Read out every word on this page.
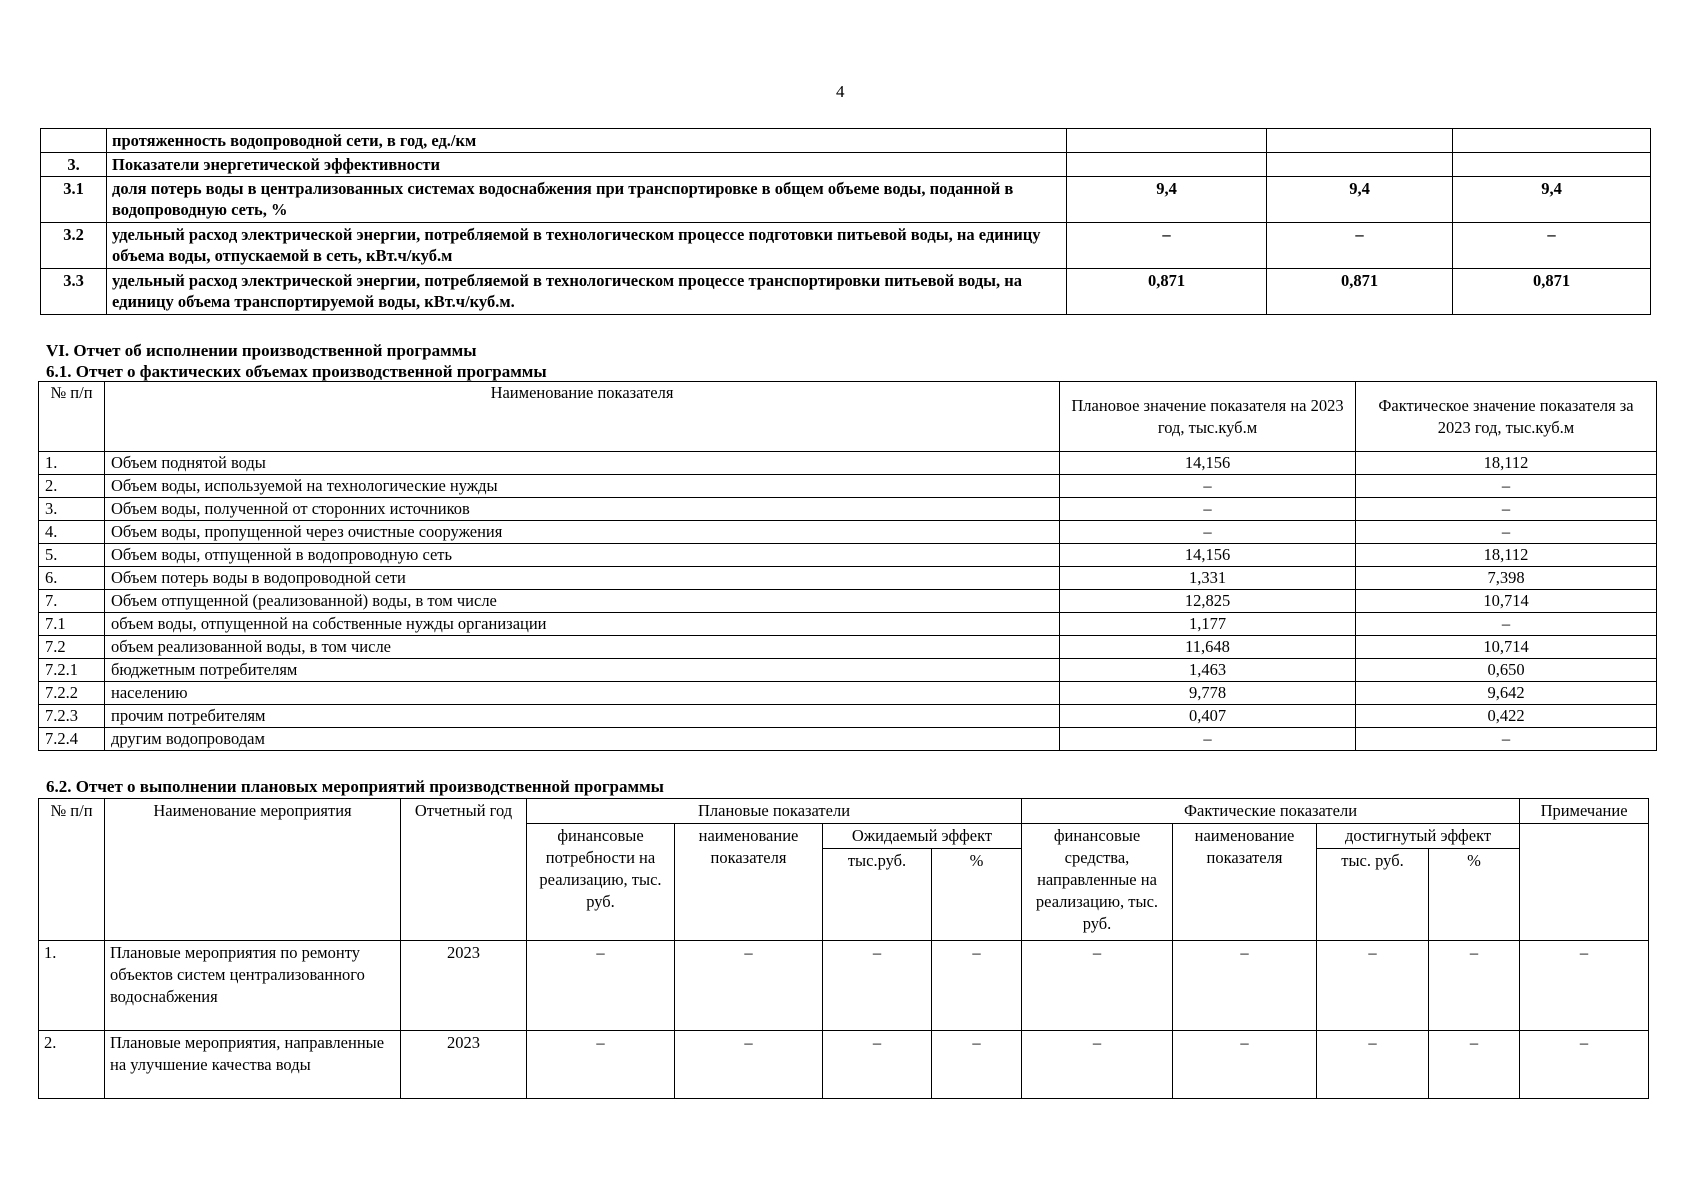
4
	протяженность водопроводной сети, в год, ед./км			
3.	Показатели энергетической эффективности			
3.1	доля потерь воды в централизованных системах водоснабжения при транспортировке в общем объеме воды, поданной в водопроводную сеть, %	9,4	9,4	9,4
3.2	удельный расход электрической энергии, потребляемой в технологическом процессе подготовки питьевой воды, на единицу объема воды, отпускаемой в сеть, кВт.ч/куб.м	–	–	–
3.3	удельный расход электрической энергии, потребляемой в технологическом процессе транспортировки питьевой воды, на единицу объема транспортируемой воды, кВт.ч/куб.м.	0,871	0,871	0,871
VI. Отчет об исполнении производственной программы
6.1. Отчет о фактических объемах производственной программы
№ п/п	Наименование показателя	Плановое значение показателя на 2023 год, тыс.куб.м	Фактическое значение показателя за 2023 год, тыс.куб.м
1.	Объем поднятой воды	14,156	18,112
2.	Объем воды, используемой на технологические нужды	–	–
3.	Объем воды, полученной от сторонних источников	–	–
4.	Объем воды, пропущенной через очистные сооружения	–	–
5.	Объем воды, отпущенной в водопроводную сеть	14,156	18,112
6.	Объем потерь воды в водопроводной сети	1,331	7,398
7.	Объем отпущенной (реализованной) воды, в том числе	12,825	10,714
7.1	объем воды, отпущенной на собственные нужды организации	1,177	–
7.2	объем реализованной воды, в том числе	11,648	10,714
7.2.1	бюджетным потребителям	1,463	0,650
7.2.2	населению	9,778	9,642
7.2.3	прочим потребителям	0,407	0,422
7.2.4	другим водопроводам	–	–
6.2. Отчет о выполнении плановых мероприятий производственной программы
№ п/п	Наименование мероприятия	Отчетный год	Плановые показатели				Фактические показатели				Примечание
			финансовые потребности на реализацию, тыс. руб.	наименование показателя	Ожидаемый эффект		финансовые средства, направленные на реализацию, тыс. руб.	наименование показателя	достигнутый эффект		
					тыс.руб.	%			тыс. руб.	%	
1.	Плановые мероприятия по ремонту объектов систем централизованного водоснабжения	2023	–	–	–	–	–	–	–	–	–
2.	Плановые мероприятия, направленные на улучшение качества воды	2023	–	–	–	–	–	–	–	–	–
